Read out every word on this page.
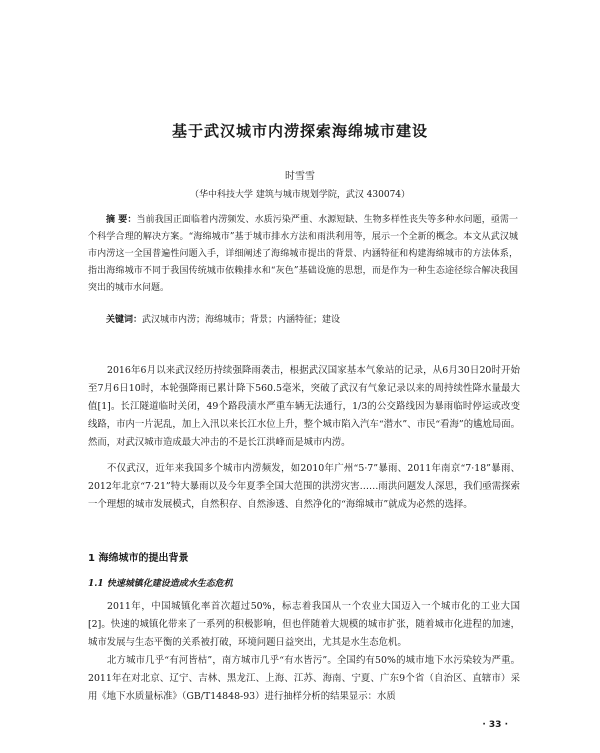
基于武汉城市内涝探索海绵城市建设
时雪雪
（华中科技大学 建筑与城市规划学院，武汉 430074）
摘 要：当前我国正面临着内涝频发、水质污染严重、水源短缺、生物多样性丧失等多种水问题，亟需一个科学合理的解决方案。“海绵城市”基于城市排水方法和雨洪利用等，展示一个全新的概念。本文从武汉城市内涝这一全国普遍性问题入手，详细阐述了海绵城市提出的背景、内涵特征和构建海绵城市的方法体系，指出海绵城市不同于我国传统城市依赖排水和“灰色”基础设施的思想，而是作为一种生态途径综合解决我国突出的城市水问题。
关键词：武汉城市内涝；海绵城市；背景；内涵特征；建设
2016年6月以来武汉经历持续强降雨袭击，根据武汉国家基本气象站的记录，从6月30日20时开始至7月6日10时，本轮强降雨已累计降下560.5毫米，突破了武汉有气象记录以来的周持续性降水量最大值[1]。长江隧道临时关闭，49个路段渍水严重车辆无法通行，1/3的公交路线因为暴雨临时停运或改变线路，市内一片泥乱，加上入汛以来长江水位上升，整个城市陷入汽车“潜水”、市民“看海”的尴尬局面。然而，对武汉城市造成最大冲击的不是长江洪峰而是城市内涝。
不仅武汉，近年来我国多个城市内涝频发，如2010年广州“5·7”暴雨、2011年南京“7·18”暴雨、2012年北京“7·21”特大暴雨以及今年夏季全国大范围的洪涝灾害……雨洪问题发人深思，我们亟需探索一个理想的城市发展模式，自然积存、自然渗透、自然净化的“海绵城市”就成为必然的选择。
1 海绵城市的提出背景
1.1 快速城镇化建设造成水生态危机
2011年，中国城镇化率首次超过50%，标志着我国从一个农业大国迈入一个城市化的工业大国[2]。快速的城镇化带来了一系列的积极影响，但也伴随着大规模的城市扩张，随着城市化进程的加速，城市发展与生态平衡的关系被打破，环境问题日益突出，尤其是水生态危机。
北方城市几乎“有河皆枯”，南方城市几乎“有水皆污”。全国约有50%的城市地下水污染较为严重。2011年在对北京、辽宁、吉林、黑龙江、上海、江苏、海南、宁夏、广东9个省（自治区、直辖市）采用《地下水质量标准》（GB/T14848-93）进行抽样分析的结果显示：水质
· 33 ·
